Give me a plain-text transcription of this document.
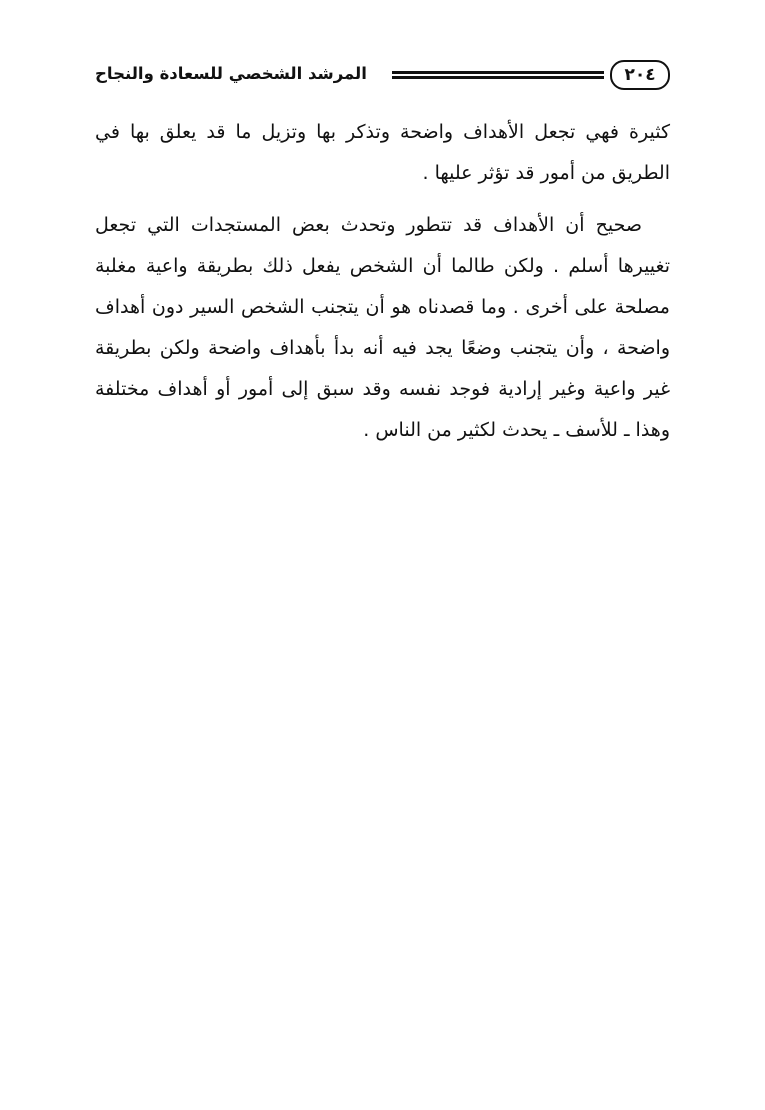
٢٠٤
المرشد الشخصي للسعادة والنجاح

كثيرة فهي تجعل الأهداف واضحة وتذكر بها وتزيل ما قد يعلق بها في الطريق من أمور قد تؤثر عليها .

صحيح أن الأهداف قد تتطور وتحدث بعض المستجدات التي تجعل تغييرها أسلم . ولكن طالما أن الشخص يفعل ذلك بطريقة واعية مغلبة مصلحة على أخرى . وما قصدناه هو أن يتجنب الشخص السير دون أهداف واضحة ، وأن يتجنب وضعًا يجد فيه أنه بدأ بأهداف واضحة ولكن بطريقة غير واعية وغير إرادية فوجد نفسه وقد سبق إلى أمور أو أهداف مختلفة وهذا ـ للأسف ـ يحدث لكثير من الناس .
